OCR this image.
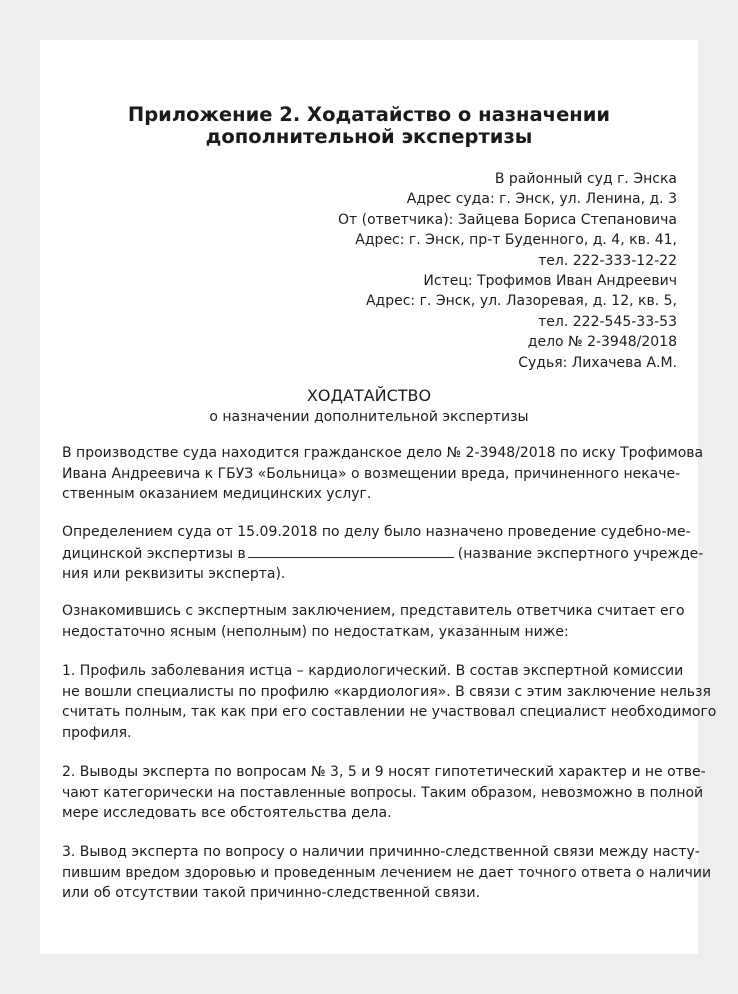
Приложение 2. Ходатайство о назначении
дополнительной экспертизы
В районный суд г. Энска
Адрес суда: г. Энск, ул. Ленина, д. 3
От (ответчика): Зайцева Бориса Степановича
Адрес: г. Энск, пр-т Буденного, д. 4, кв. 41,
тел. 222-333-12-22
Истец: Трофимов Иван Андреевич
Адрес: г. Энск, ул. Лазоревая, д. 12, кв. 5,
тел. 222-545-33-53
дело № 2-3948/2018
Судья: Лихачева А.М.
ХОДАТАЙСТВО
о назначении дополнительной экспертизы
В производстве суда находится гражданское дело № 2-3948/2018 по иску Трофимова
Ивана Андреевича к ГБУЗ «Больница» о возмещении вреда, причиненного некачe-
ственным оказанием медицинских услуг.
Определением суда от 15.09.2018 по делу было назначено проведение судебно-ме-
дицинской экспертизы в	(название экспертного учрежде-
ния или реквизиты эксперта).
Ознакомившись с экспертным заключением, представитель ответчика считает его
недостаточно ясным (неполным) по недостаткам, указанным ниже:
1. Профиль заболевания истца – кардиологический. В состав экспертной комиссии
не вошли специалисты по профилю «кардиология». В связи с этим заключение нельзя
считать полным, так как при его составлении не участвовал специалист необходимого
профиля.
2. Выводы эксперта по вопросам № 3, 5 и 9 носят гипотетический характер и не отве-
чают категорически на поставленные вопросы. Таким образом, невозможно в полной
мере исследовать все обстоятельства дела.
3. Вывод эксперта по вопросу о наличии причинно-следственной связи между насту-
пившим вредом здоровью и проведенным лечением не дает точного ответа о наличии
или об отсутствии такой причинно-следственной связи.
